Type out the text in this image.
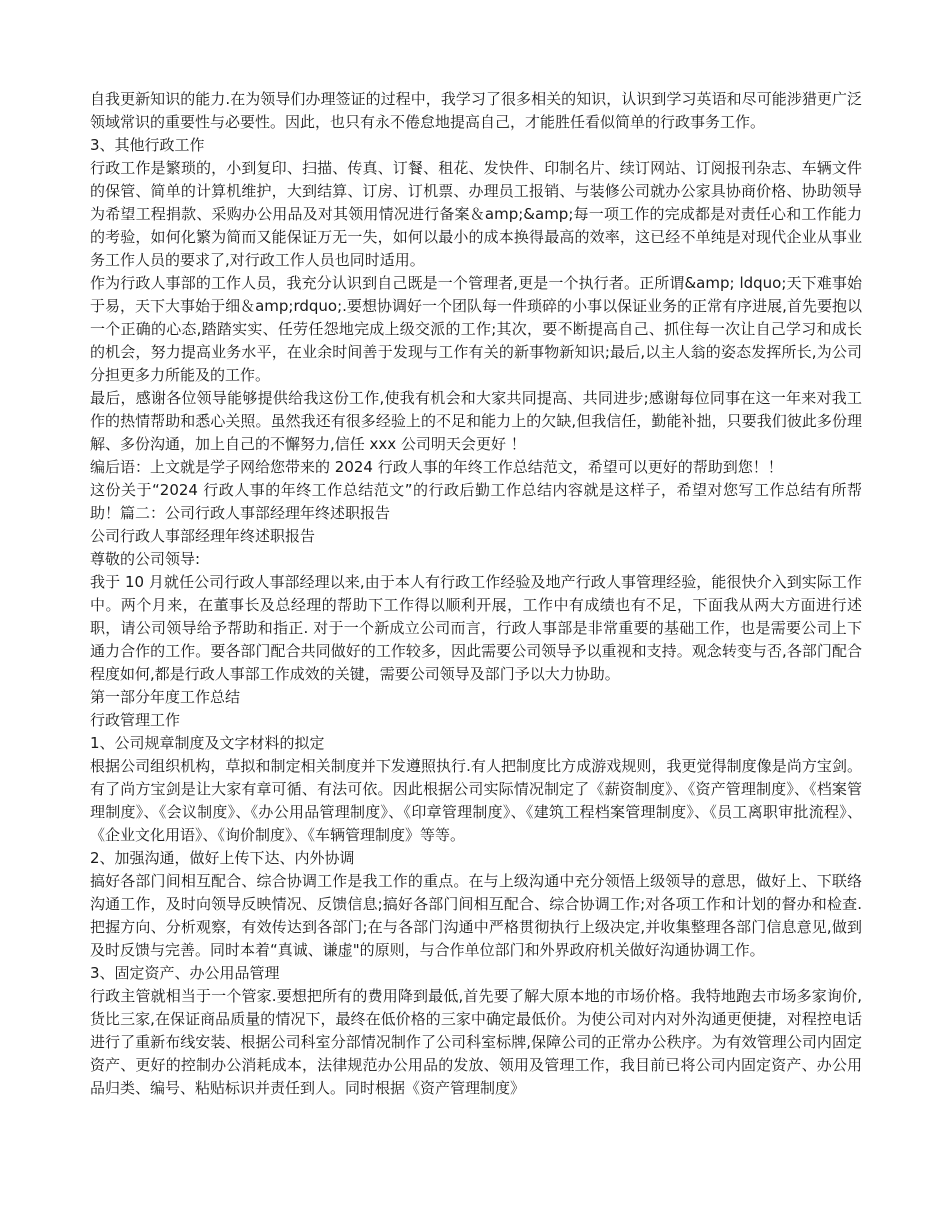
自我更新知识的能力.在为领导们办理签证的过程中，我学习了很多相关的知识，认识到学习英语和尽可能涉猎更广泛领域常识的重要性与必要性。因此，也只有永不倦怠地提高自己，才能胜任看似简单的行政事务工作。

3、其他行政工作

行政工作是繁琐的，小到复印、扫描、传真、订餐、租花、发快件、印制名片、续订网站、订阅报刊杂志、车辆文件的保管、简单的计算机维护，大到结算、订房、订机票、办理员工报销、与装修公司就办公家具协商价格、协助领导为希望工程捐款、采购办公用品及对其领用情况进行备案＆amp;&amp;每一项工作的完成都是对责任心和工作能力的考验，如何化繁为简而又能保证万无一失，如何以最小的成本换得最高的效率，这已经不单纯是对现代企业从事业务工作人员的要求了,对行政工作人员也同时适用。

作为行政人事部的工作人员，我充分认识到自己既是一个管理者,更是一个执行者。正所谓&amp; ldquo;天下难事始于易，天下大事始于细＆amp;rdquo;.要想协调好一个团队每一件琐碎的小事以保证业务的正常有序进展,首先要抱以一个正确的心态,踏踏实实、任劳任怨地完成上级交派的工作;其次，要不断提高自己、抓住每一次让自己学习和成长的机会，努力提高业务水平，在业余时间善于发现与工作有关的新事物新知识;最后,以主人翁的姿态发挥所长,为公司分担更多力所能及的工作。

最后，感谢各位领导能够提供给我这份工作,使我有机会和大家共同提高、共同进步;感谢每位同事在这一年来对我工作的热情帮助和悉心关照。虽然我还有很多经验上的不足和能力上的欠缺,但我信任，勤能补拙，只要我们彼此多份理解、多份沟通，加上自己的不懈努力,信任 xxx 公司明天会更好 ！

编后语：上文就是学子网给您带来的 2024 行政人事的年终工作总结范文，希望可以更好的帮助到您！！

这份关于“2024 行政人事的年终工作总结范文”的行政后勤工作总结内容就是这样子，希望对您写工作总结有所帮助！篇二：公司行政人事部经理年终述职报告

公司行政人事部经理年终述职报告

尊敬的公司领导:

我于 10 月就任公司行政人事部经理以来,由于本人有行政工作经验及地产行政人事管理经验，能很快介入到实际工作中。两个月来，在董事长及总经理的帮助下工作得以顺利开展，工作中有成绩也有不足，下面我从两大方面进行述职，请公司领导给予帮助和指正. 对于一个新成立公司而言，行政人事部是非常重要的基础工作，也是需要公司上下通力合作的工作。要各部门配合共同做好的工作较多，因此需要公司领导予以重视和支持。观念转变与否,各部门配合程度如何,都是行政人事部工作成效的关键，需要公司领导及部门予以大力协助。

第一部分年度工作总结

行政管理工作

1、公司规章制度及文字材料的拟定

根据公司组织机构，草拟和制定相关制度并下发遵照执行.有人把制度比方成游戏规则，我更觉得制度像是尚方宝剑。有了尚方宝剑是让大家有章可循、有法可依。因此根据公司实际情况制定了《薪资制度》、《资产管理制度》、《档案管理制度》、《会议制度》、《办公用品管理制度》、《印章管理制度》、《建筑工程档案管理制度》、《员工离职审批流程》、《企业文化用语》、《询价制度》、《车辆管理制度》等等。

2、加强沟通，做好上传下达、内外协调

搞好各部门间相互配合、综合协调工作是我工作的重点。在与上级沟通中充分领悟上级领导的意思，做好上、下联络沟通工作，及时向领导反映情况、反馈信息;搞好各部门间相互配合、综合协调工作;对各项工作和计划的督办和检查.把握方向、分析观察，有效传达到各部门;在与各部门沟通中严格贯彻执行上级决定,并收集整理各部门信息意见,做到及时反馈与完善。同时本着“真诚、谦虚"的原则，与合作单位部门和外界政府机关做好沟通协调工作。

3、固定资产、办公用品管理

行政主管就相当于一个管家.要想把所有的费用降到最低,首先要了解大原本地的市场价格。我特地跑去市场多家询价,货比三家,在保证商品质量的情况下，最终在低价格的三家中确定最低价。为使公司对内对外沟通更便捷，对程控电话进行了重新布线安装、根据公司科室分部情况制作了公司科室标牌,保障公司的正常办公秩序。为有效管理公司内固定资产、更好的控制办公消耗成本，法律规范办公用品的发放、领用及管理工作，我目前已将公司内固定资产、办公用品归类、编号、粘贴标识并责任到人。同时根据《资产管理制度》
